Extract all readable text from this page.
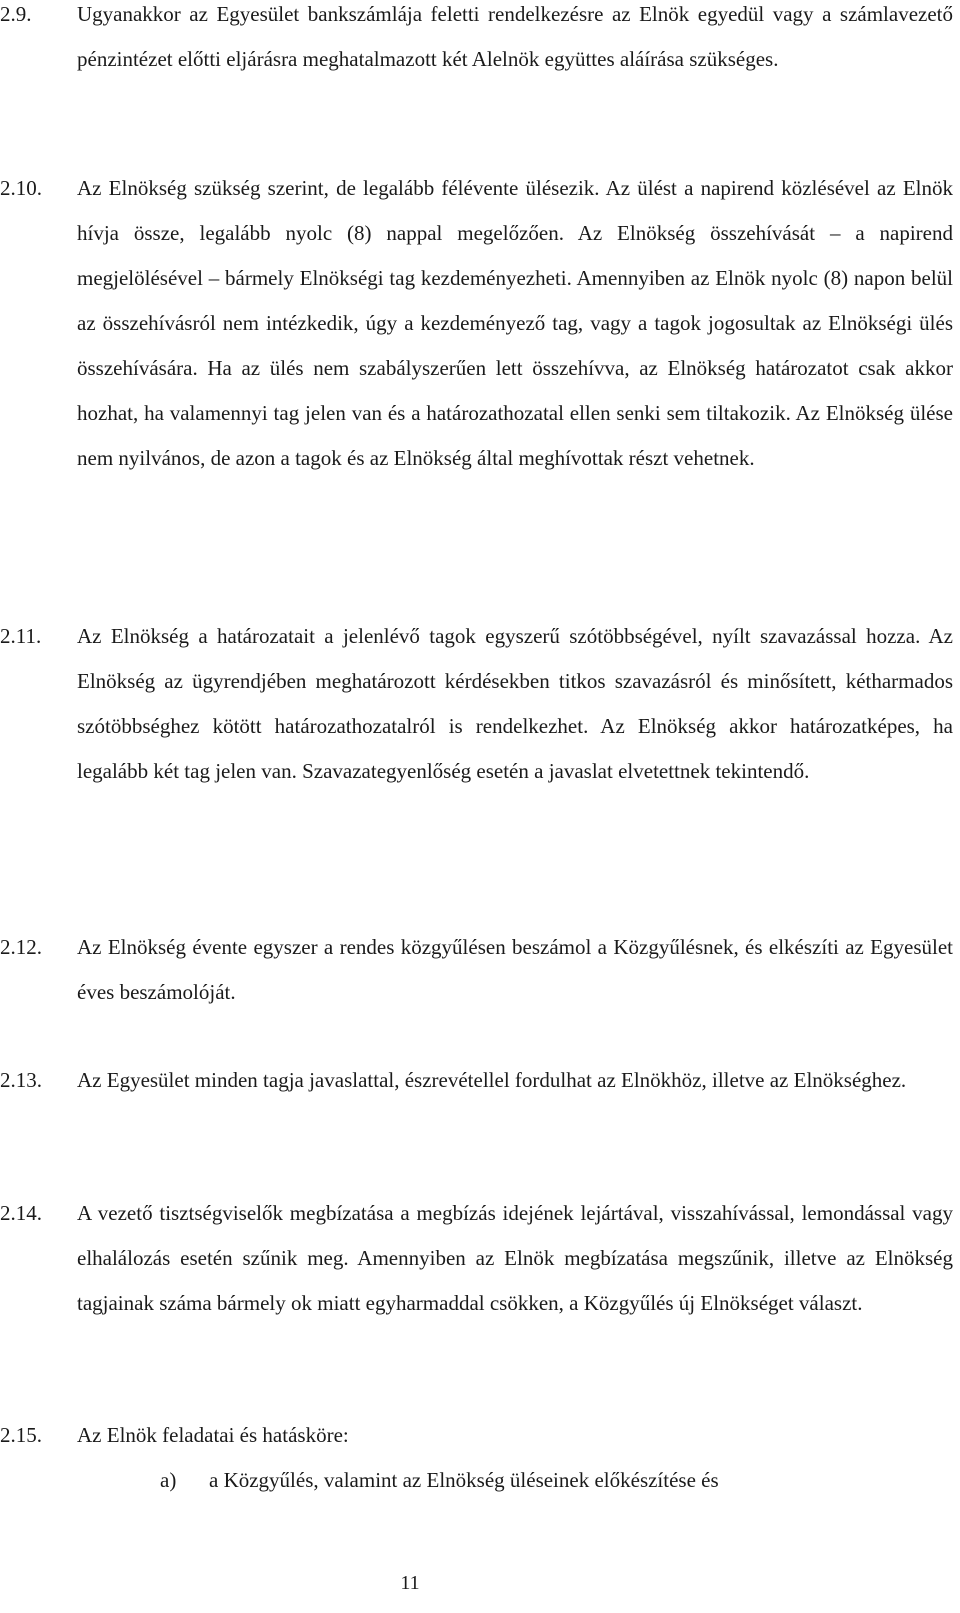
2.9. Ugyanakkor az Egyesület bankszámlája feletti rendelkezésre az Elnök egyedül vagy a számlavezető pénzintézet előtti eljárásra meghatalmazott két Alelnök együttes aláírása szükséges.
2.10. Az Elnökség szükség szerint, de legalább félévente ülésezik. Az ülést a napirend közlésével az Elnök hívja össze, legalább nyolc (8) nappal megelőzően. Az Elnökség összehívását – a napirend megjelölésével – bármely Elnökségi tag kezdeményezheti. Amennyiben az Elnök nyolc (8) napon belül az összehívásról nem intézkedik, úgy a kezdeményező tag, vagy a tagok jogosultak az Elnökségi ülés összehívására. Ha az ülés nem szabályszerűen lett összehívva, az Elnökség határozatot csak akkor hozhat, ha valamennyi tag jelen van és a határozathozatal ellen senki sem tiltakozik. Az Elnökség ülése nem nyilvános, de azon a tagok és az Elnökség által meghívottak részt vehetnek.
2.11. Az Elnökség a határozatait a jelenlévő tagok egyszerű szótöbbségével, nyílt szavazással hozza. Az Elnökség az ügyrendjében meghatározott kérdésekben titkos szavazásról és minősített, kétharmados szótöbbséghez kötött határozathozatalról is rendelkezhet. Az Elnökség akkor határozatképes, ha legalább két tag jelen van. Szavazategyenlőség esetén a javaslat elvetettnek tekintendő.
2.12. Az Elnökség évente egyszer a rendes közgyűlésen beszámol a Közgyűlésnek, és elkészíti az Egyesület éves beszámolóját.
2.13. Az Egyesület minden tagja javaslattal, észrevétellel fordulhat az Elnökhöz, illetve az Elnökséghez.
2.14. A vezető tisztségviselők megbízatása a megbízás idejének lejártával, visszahívással, lemondással vagy elhalálozás esetén szűnik meg. Amennyiben az Elnök megbízatása megszűnik, illetve az Elnökség tagjainak száma bármely ok miatt egyharmaddal csökken, a Közgyűlés új Elnökséget választ.
2.15. Az Elnök feladatai és hatásköre:
a) a Közgyűlés, valamint az Elnökség üléseinek előkészítése és
11
